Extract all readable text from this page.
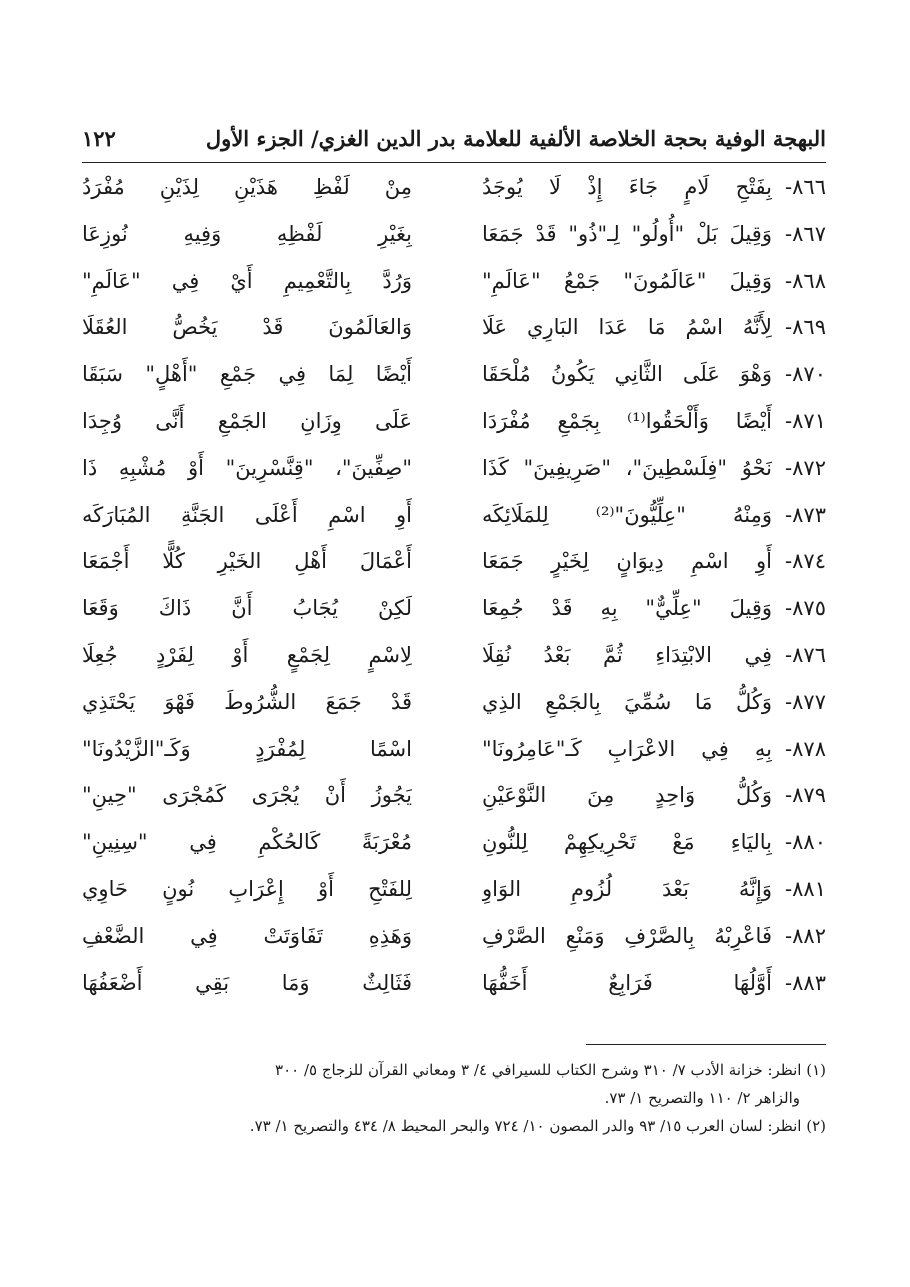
البهجة الوفية بحجة الخلاصة الألفية للعلامة بدر الدين الغزي/ الجزء الأول
١٢٢
٨٦٦-
بِفَتْحِ لَامٍ جَاءَ إِذْ لَا يُوجَدُ
مِنْ لَفْظِ هَذَيْنِ لِذَيْنِ مُفْرَدُ
٨٦٧-
وَقِيلَ بَلْ "أُولُو" لِـ"ذُو" قَدْ جَمَعَا
بِغَيْرِ لَفْظِهِ وَفِيهِ نُوزِعَا
٨٦٨-
وَقِيلَ "عَالَمُونَ" جَمْعُ "عَالَمِ"
وَرُدَّ بِالتَّعْمِيمِ أَيْ فِي "عَالَمِ"
٨٦٩-
لِأَنَّهُ اسْمُ مَا عَدَا البَارِي عَلَا
وَالعَالَمُونَ قَدْ يَخُصُّ العُقَلَا
٨٧٠-
وَهْوَ عَلَى الثَّانِي يَكُونُ مُلْحَقَا
أَيْضًا لِمَا فِي جَمْعِ "أَهْلٍ" سَبَقَا
٨٧١-
أَيْضًا وَأَلْحَقُوا⁽¹⁾ بِجَمْعِ مُفْرَدَا
عَلَى وِزَانِ الجَمْعِ أَنَّى وُجِدَا
٨٧٢-
نَحْوُ "فِلَسْطِينَ"، "صَرِيفِينَ" كَذَا
"صِفِّينَ"، "قِنَّسْرِينَ" أَوْ مُشْبِهِ ذَا
٨٧٣-
وَمِنْهُ "عِلِّيُّونَ"⁽²⁾ لِلمَلَائِكَه
أَوِ اسْمِ أَعْلَى الجَنَّةِ المُبَارَكَه
٨٧٤-
أَوِ اسْمِ دِيوَانٍ لِخَيْرٍ جَمَعَا
أَعْمَالَ أَهْلِ الخَيْرِ كُلًّا أَجْمَعَا
٨٧٥-
وَقِيلَ "عِلِّيٌّ" بِهِ قَدْ جُمِعَا
لَكِنْ يُجَابُ أَنَّ ذَاكَ وَقَعَا
٨٧٦-
فِي الابْتِدَاءِ ثُمَّ بَعْدُ نُقِلَا
لِاسْمٍ لِجَمْعٍ أَوْ لِفَرْدٍ جُعِلَا
٨٧٧-
وَكُلُّ مَا سُمِّيَ بِالجَمْعِ الذِي
قَدْ جَمَعَ الشُّرُوطَ فَهْوَ يَحْتَذِي
٨٧٨-
بِهِ فِي الاعْرَابِ كَـ"عَامِرُونَا"
اسْمًا لِمُفْرَدٍ وَكَـ"الزَّيْدُونَا"
٨٧٩-
وَكُلُّ وَاحِدٍ مِنَ النَّوْعَيْنِ
يَجُوزُ أَنْ يُجْرَى كَمُجْرَى "حِينِ"
٨٨٠-
بِاليَاءِ مَعْ تَحْرِيكِهِمْ لِلنُّونِ
مُعْرَبَةً كَالحُكْمِ فِي "سِنِينِ"
٨٨١-
وَإِنَّهُ بَعْدَ لُزُومِ الوَاوِ
لِلفَتْحِ أَوْ إِعْرَابِ نُونٍ حَاوِي
٨٨٢-
فَاعْرِبْهُ بِالصَّرْفِ وَمَنْعِ الصَّرْفِ
وَهَذِهِ تَفَاوَتَتْ فِي الضَّعْفِ
٨٨٣-
أَوَّلُهَا فَرَابِعٌ أَخَفُّهَا
فَثَالِثٌ وَمَا بَقِي أَضْعَفُهَا
(١) انظر: خزانة الأدب ٧/ ٣١٠ وشرح الكتاب للسيرافي ٤/ ٣ ومعاني القرآن للزجاج ٥/ ٣٠٠
والزاهر ٢/ ١١٠ والتصريح ١/ ٧٣.
(٢) انظر: لسان العرب ١٥/ ٩٣ والدر المصون ١٠/ ٧٢٤ والبحر المحيط ٨/ ٤٣٤ والتصريح ١/ ٧٣.
